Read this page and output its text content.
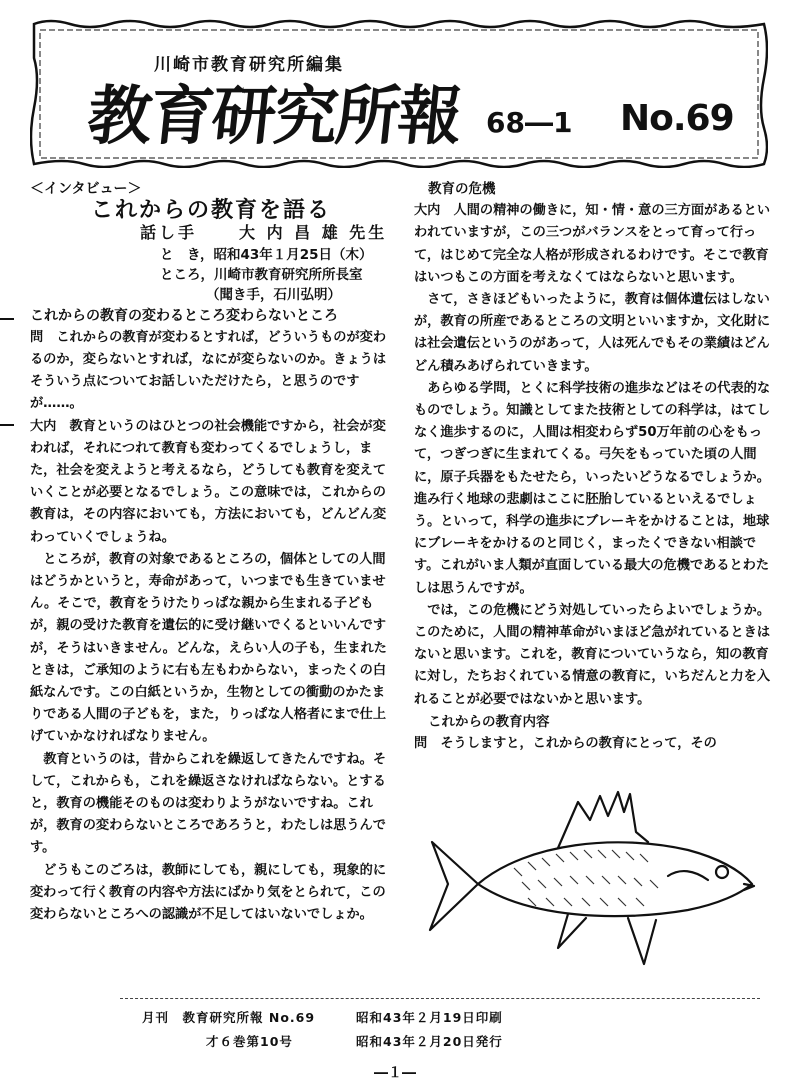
川崎市教育研究所編集
教育研究所報 68―1 No.69

＜インタビュー＞

これからの教育を語る

話し手	大 内 昌 雄 先生

と　き，昭和43年１月25日（木）

ところ，川崎市教育研究所所長室

（聞き手，石川弘明）

これからの教育の変わるところ変わらないところ

問　これからの教育が変わるとすれば，どういうものが変わるのか，変らないとすれば，なにが変らないのか。きょうはそういう点についてお話しいただけたら，と思うのですが……。

大内　教育というのはひとつの社会機能ですから，社会が変われば，それにつれて教育も変わってくるでしょうし，また，社会を変えようと考えるなら，どうしても教育を変えていくことが必要となるでしょう。この意味では，これからの教育は，その内容においても，方法においても，どんどん変わっていくでしょうね。

ところが，教育の対象であるところの，個体としての人間はどうかというと，寿命があって，いつまでも生きていません。そこで，教育をうけたりっぱな親から生まれる子どもが，親の受けた教育を遺伝的に受け継いでくるといいんですが，そうはいきません。どんな，えらい人の子も，生まれたときは，ご承知のように右も左もわからない，まったくの白紙なんです。この白紙というか，生物としての衝動のかたまりである人間の子どもを，また，りっぱな人格者にまで仕上げていかなければなりません。

教育というのは，昔からこれを繰返してきたんですね。そして，これからも，これを繰返さなければならない。とすると，教育の機能そのものは変わりようがないですね。これが，教育の変わらないところであろうと，わたしは思うんです。

どうもこのごろは，教師にしても，親にしても，現象的に変わって行く教育の内容や方法にばかり気をとられて，この変わらないところへの認識が不足してはいないでしょか。

教育の危機

大内　人間の精神の働きに，知・情・意の三方面があるといわれていますが，この三つがバランスをとって育って行って，はじめて完全な人格が形成されるわけです。そこで教育はいつもこの方面を考えなくてはならないと思います。

さて，さきほどもいったように，教育は個体遺伝はしないが，教育の所産であるところの文明といいますか，文化財には社会遺伝というのがあって，人は死んでもその業績はどんどん積みあげられていきます。

あらゆる学問，とくに科学技術の進歩などはその代表的なものでしょう。知識としてまた技術としての科学は，はてしなく進歩するのに，人間は相変わらず50万年前の心をもって，つぎつぎに生まれてくる。弓矢をもっていた頃の人間に，原子兵器をもたせたら，いったいどうなるでしょうか。進み行く地球の悲劇はここに胚胎しているといえるでしょう。といって，科学の進歩にブレーキをかけることは，地球にブレーキをかけるのと同じく，まったくできない相談です。これがいま人類が直面している最大の危機であるとわたしは思うんですが。

では，この危機にどう対処していったらよいでしょうか。このために，人間の精神革命がいまほど急がれているときはないと思います。これを，教育についていうなら，知の教育に対し，たちおくれている情意の教育に，いちだんと力を入れることが必要ではないかと思います。

これからの教育内容

問　そうしますと，これからの教育にとって，その

月刊　教育研究所報 No.69	昭和43年２月19日印刷
才６巻第10号	昭和43年２月20日発行
―１―
